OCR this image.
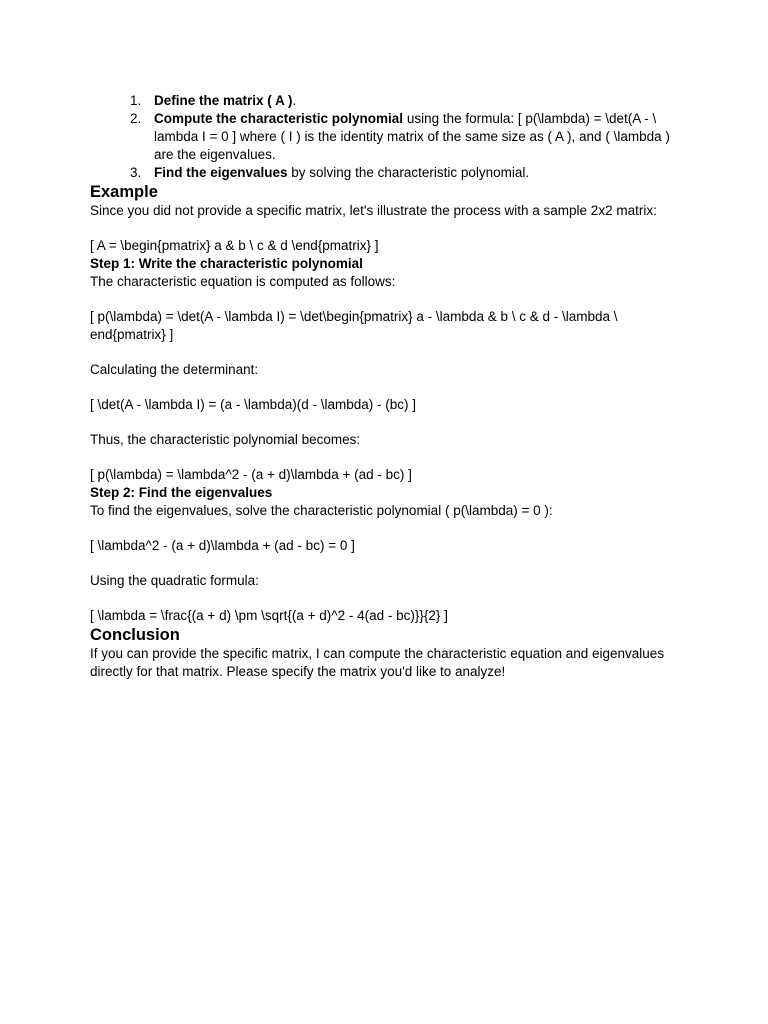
1. Define the matrix ( A ).
2. Compute the characteristic polynomial using the formula: [ p(\lambda) = \det(A - \ lambda I = 0 ] where ( I ) is the identity matrix of the same size as ( A ), and ( \lambda ) are the eigenvalues.
3. Find the eigenvalues by solving the characteristic polynomial.
Example

Since you did not provide a specific matrix, let's illustrate the process with a sample 2x2 matrix:

[ A = \begin{pmatrix} a & b \ c & d \end{pmatrix} ]

Step 1: Write the characteristic polynomial

The characteristic equation is computed as follows:

[ p(\lambda) = \det(A - \lambda I) = \det\begin{pmatrix} a - \lambda & b \ c & d - \lambda \ end{pmatrix} ]

Calculating the determinant:

[ \det(A - \lambda I) = (a - \lambda)(d - \lambda) - (bc) ]

Thus, the characteristic polynomial becomes:

[ p(\lambda) = \lambda^2 - (a + d)\lambda + (ad - bc) ]

Step 2: Find the eigenvalues

To find the eigenvalues, solve the characteristic polynomial ( p(\lambda) = 0 ):

[ \lambda^2 - (a + d)\lambda + (ad - bc) = 0 ]

Using the quadratic formula:

[ \lambda = \frac{(a + d) \pm \sqrt{(a + d)^2 - 4(ad - bc)}}{2} ]

Conclusion

If you can provide the specific matrix, I can compute the characteristic equation and eigenvalues directly for that matrix. Please specify the matrix you'd like to analyze!
